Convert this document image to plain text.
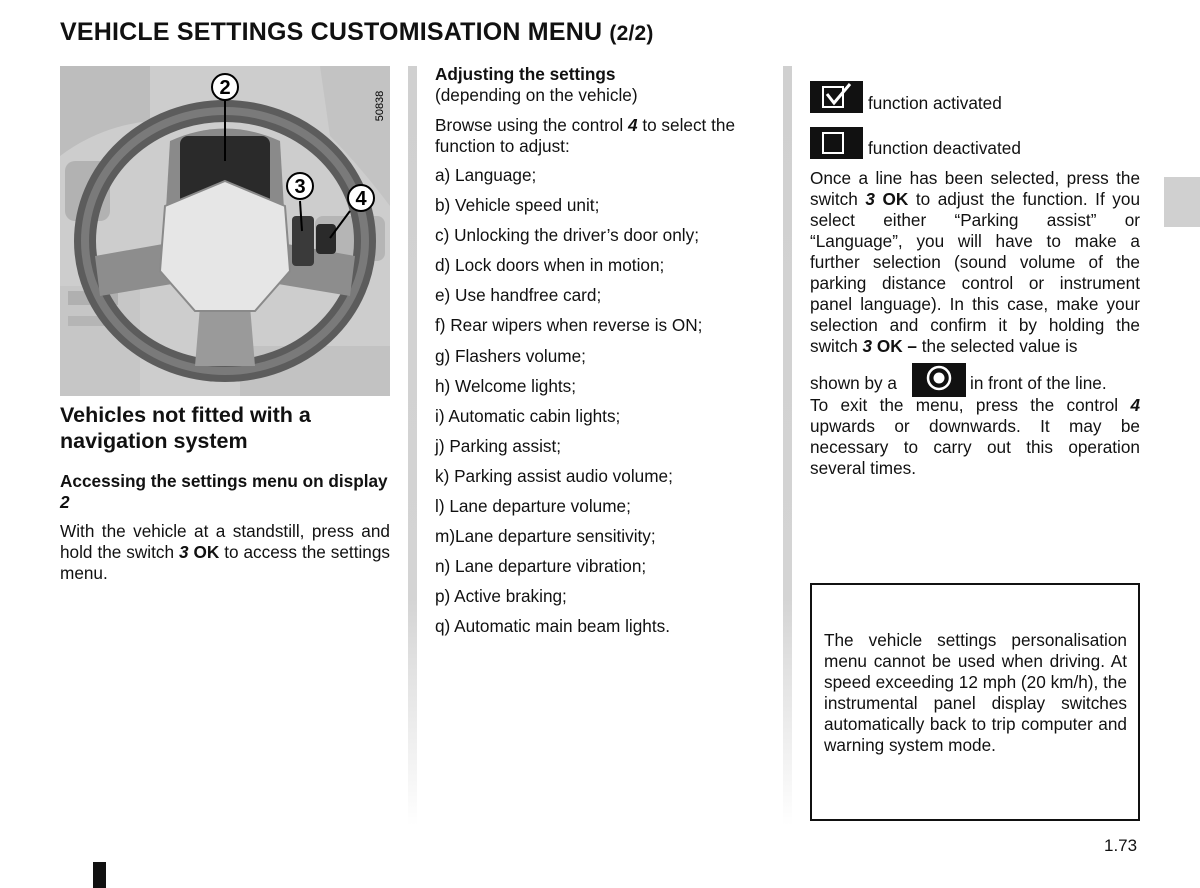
VEHICLE SETTINGS CUSTOMISATION MENU (2/2)
2
3
4
50838
Vehicles not fitted with a
navigation system
Accessing the settings menu on display 2
With the vehicle at a standstill, press and hold the switch 3 OK to access the settings menu.
Adjusting the settings
(depending on the vehicle)
Browse using the control 4 to select the function to adjust:
a) Language;
b) Vehicle speed unit;
c) Unlocking the driver’s door only;
d) Lock doors when in motion;
e) Use handfree card;
f) Rear wipers when reverse is ON;
g) Flashers volume;
h) Welcome lights;
i) Automatic cabin lights;
j) Parking assist;
k) Parking assist audio volume;
l) Lane departure volume;
m)Lane departure sensitivity;
n) Lane departure vibration;
p) Active braking;
q) Automatic main beam lights.
function activated
function deactivated
Once a line has been selected, press the switch 3 OK to adjust the function. If you select either “Parking assist” or “Language”, you will have to make a further selection (sound volume of the parking distance control or instrument panel language). In this case, make your selection and confirm it by holding the switch 3 OK – the selected value is
shown by a	in front of the line.
To exit the menu, press the control 4 upwards or downwards. It may be necessary to carry out this operation several times.
The vehicle settings personalisation menu cannot be used when driving. At speed exceeding 12 mph (20 km/h), the instrumental panel display switches automatically back to trip computer and warning system mode.
1.73
